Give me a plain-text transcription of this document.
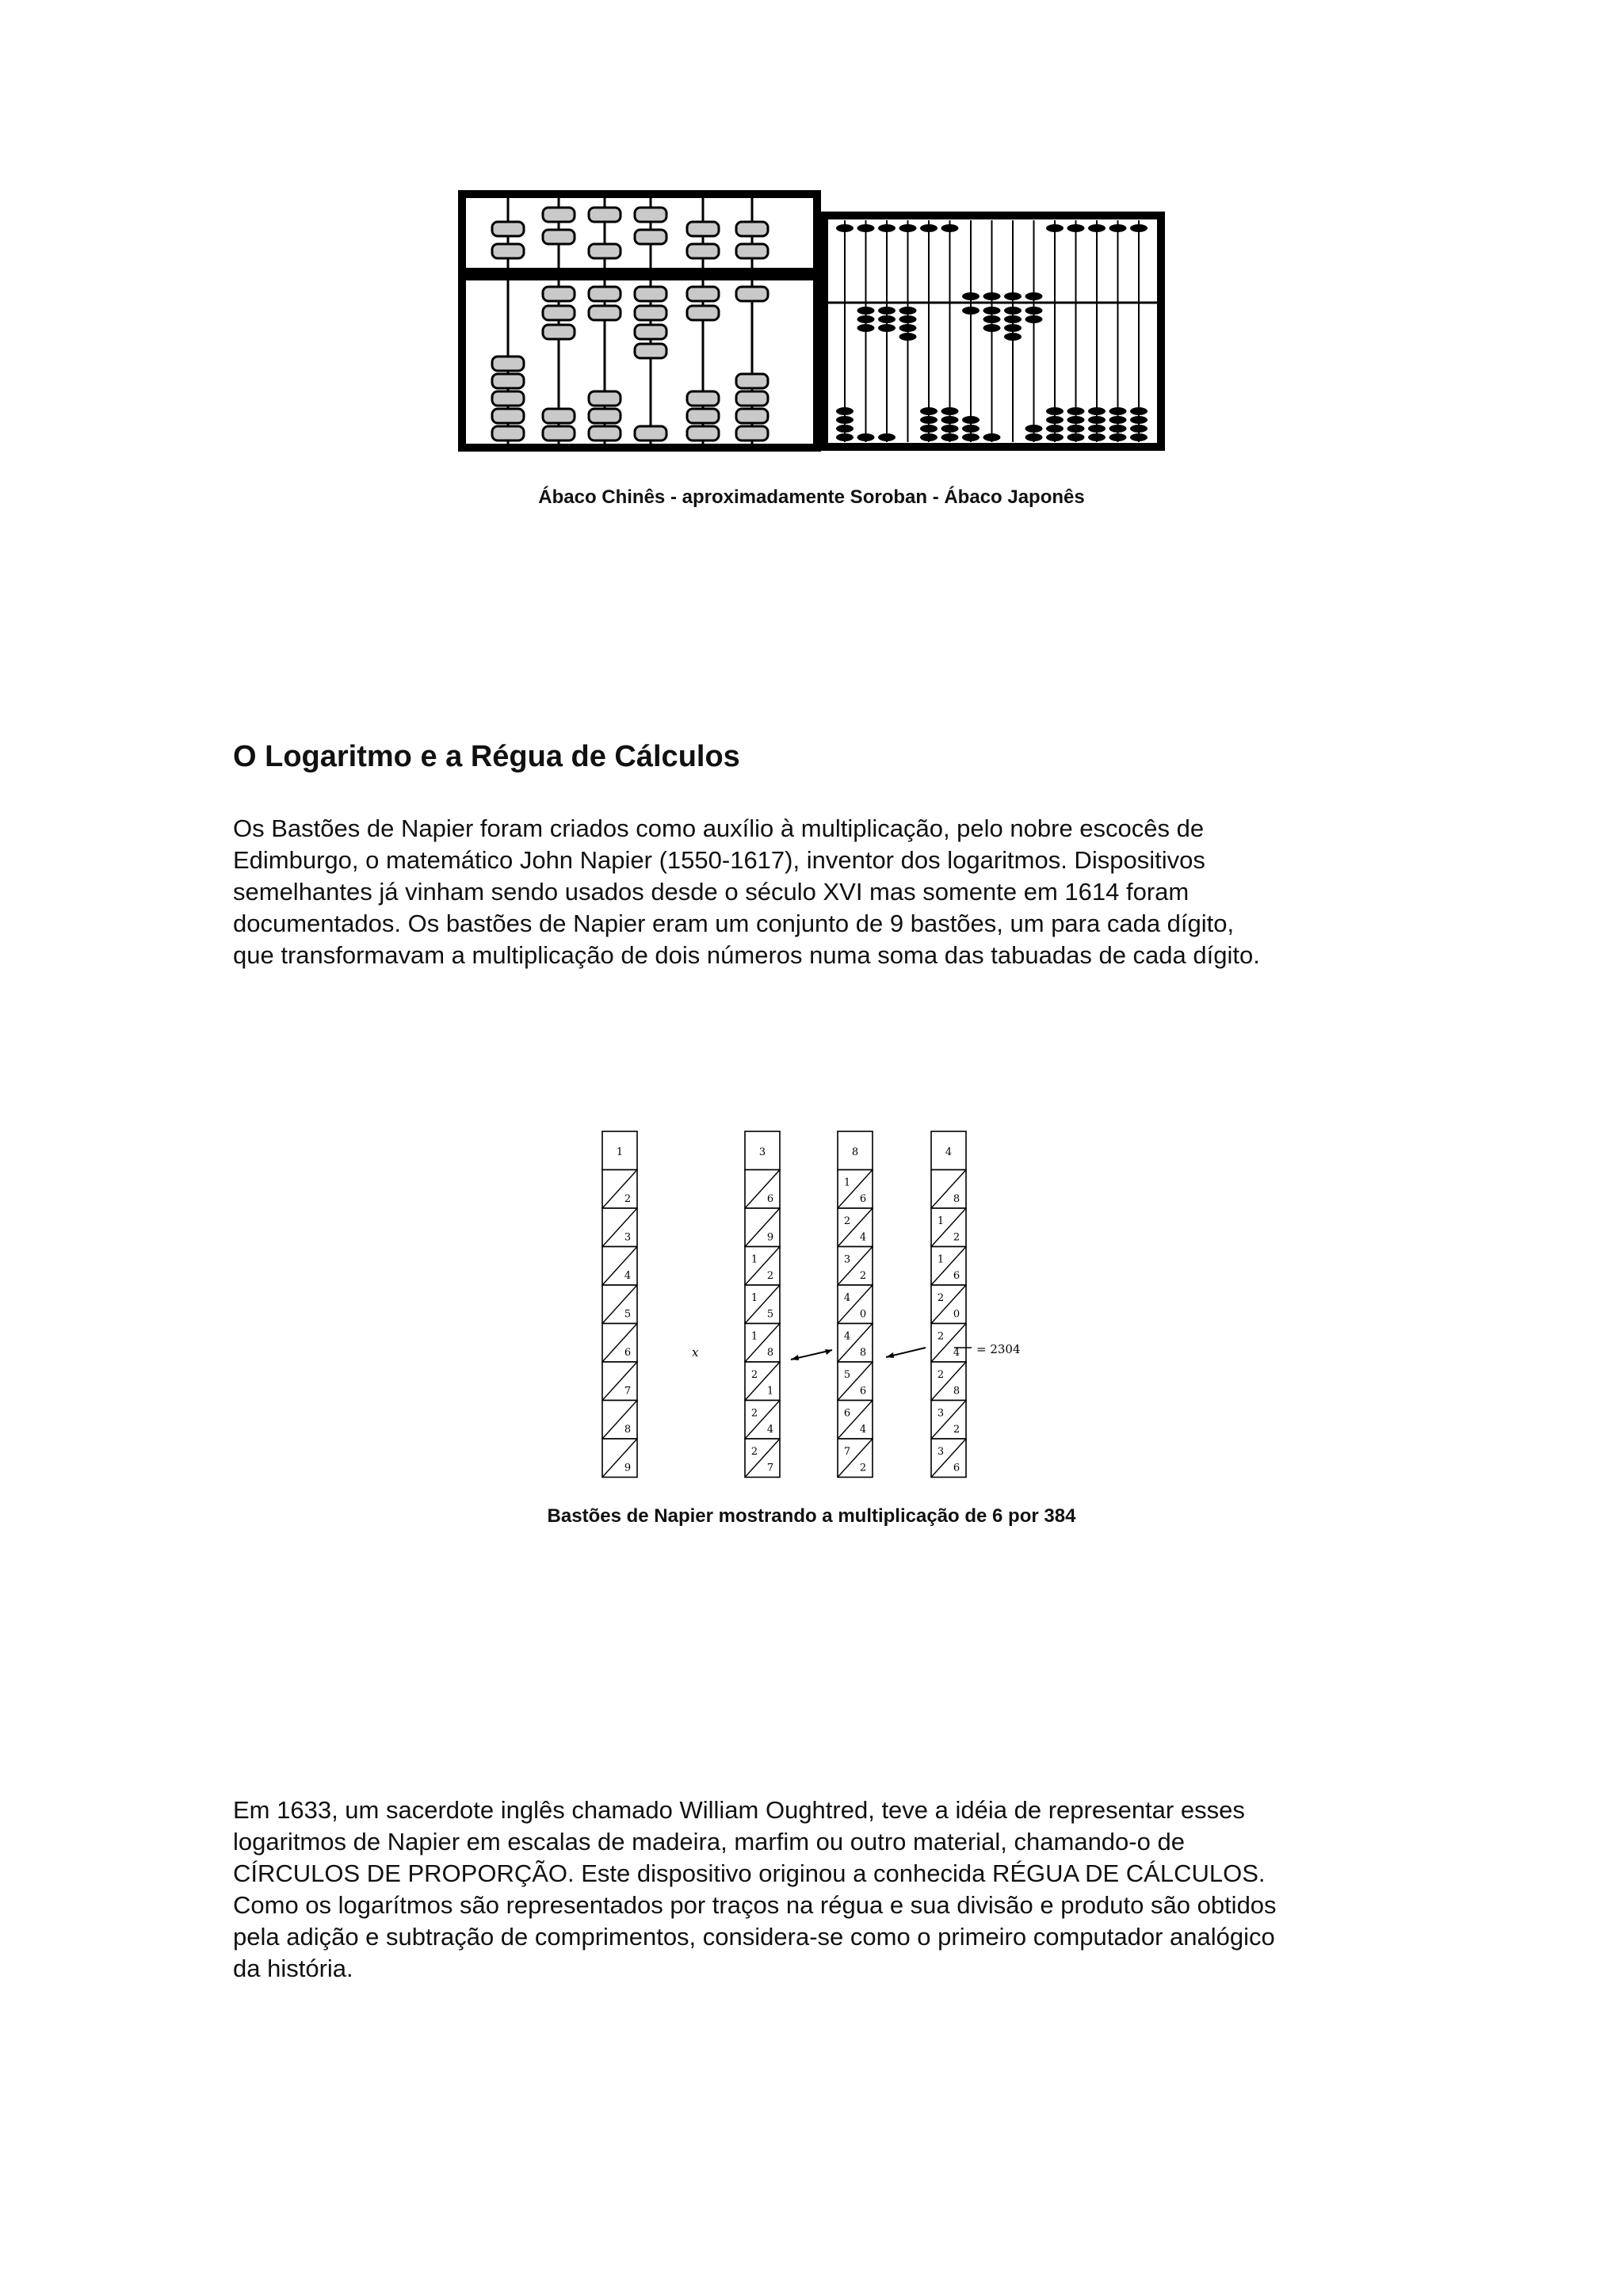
Ábaco Chinês - aproximadamente Soroban - Ábaco Japonês
O Logaritmo e a Régua de Cálculos
Os Bastões de Napier foram criados como auxílio à multiplicação, pelo nobre escocês de
Edimburgo, o matemático John Napier (1550-1617), inventor dos logaritmos. Dispositivos
semelhantes já vinham sendo usados desde o século XVI mas somente em 1614 foram
documentados. Os bastões de Napier eram um conjunto de 9 bastões, um para cada dígito,
que transformavam a multiplicação de dois números numa soma das tabuadas de cada dígito.
1
2
3
4
5
6
7
8
9
3
6
9
1
2
1
5
1
8
2
1
2
4
2
7
8
1
6
2
4
3
2
4
0
4
8
5
6
6
4
7
2
4
8
1
2
1
6
2
0
2
4
2
8
3
2
3
6
x	= 2304
Bastões de Napier mostrando a multiplicação de 6 por 384
Em 1633, um sacerdote inglês chamado William Oughtred, teve a idéia de representar esses
logaritmos de Napier em escalas de madeira, marfim ou outro material, chamando-o de
CÍRCULOS DE PROPORÇÃO. Este dispositivo originou a conhecida RÉGUA DE CÁLCULOS.
Como os logarítmos são representados por traços na régua e sua divisão e produto são obtidos
pela adição e subtração de comprimentos, considera-se como o primeiro computador analógico
da história.
